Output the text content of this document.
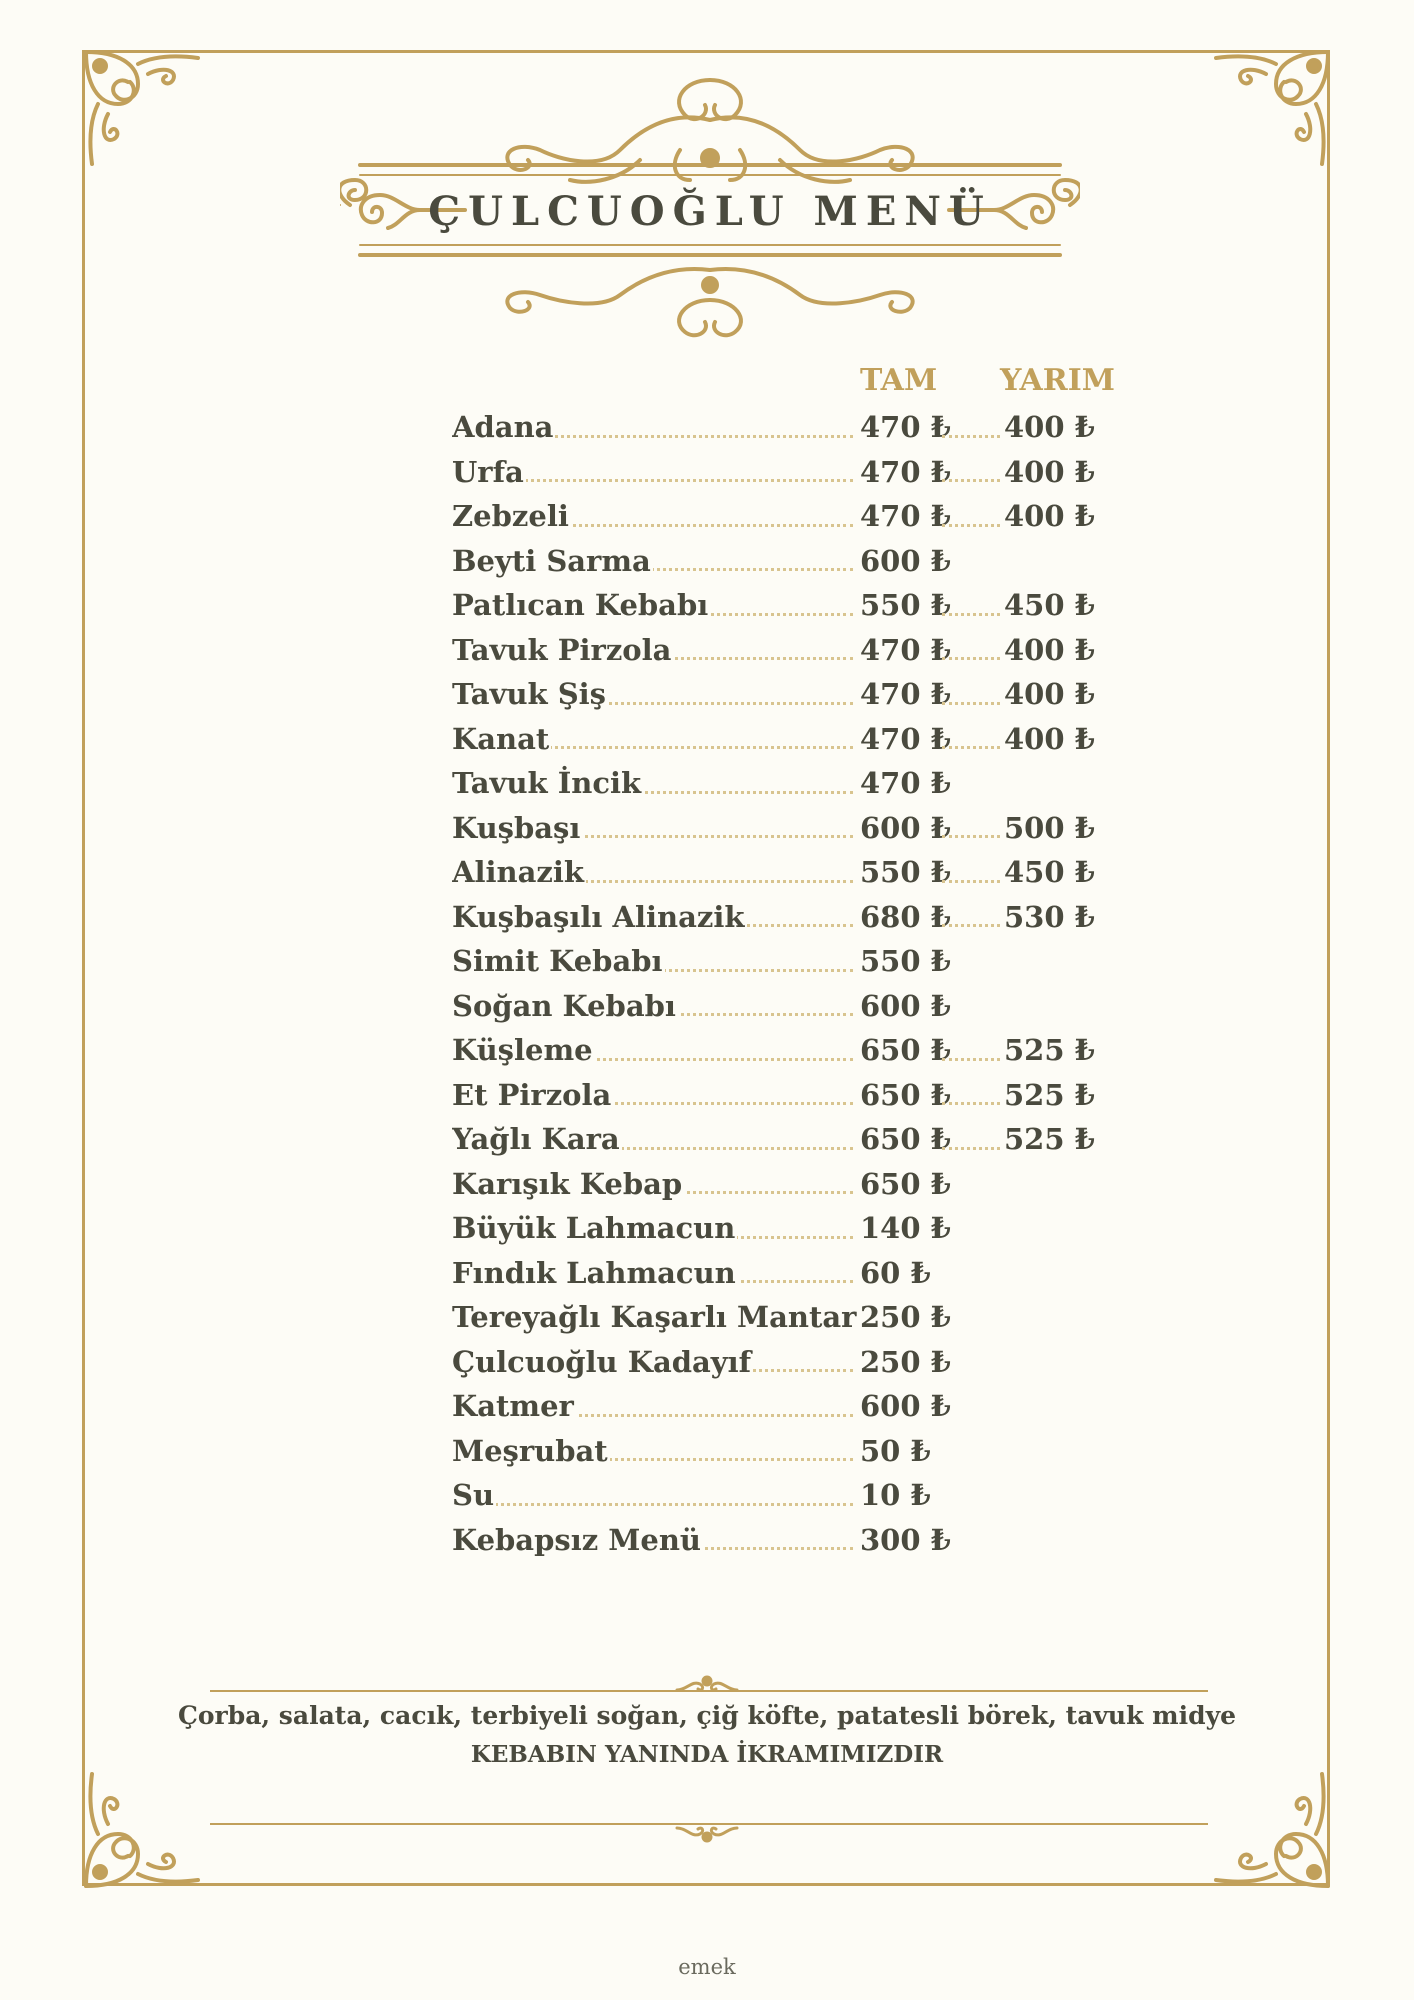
ÇULCUOĞLU MENÜ
TAM YARIM
Adana	470 ₺ 400 ₺
Urfa	470 ₺ 400 ₺
Zebzeli	470 ₺ 400 ₺
Beyti Sarma	600 ₺
Patlıcan Kebabı	550 ₺ 450 ₺
Tavuk Pirzola	470 ₺ 400 ₺
Tavuk Şiş	470 ₺ 400 ₺
Kanat	470 ₺ 400 ₺
Tavuk İncik	470 ₺
Kuşbaşı	600 ₺ 500 ₺
Alinazik	550 ₺ 450 ₺
Kuşbaşılı Alinazik	680 ₺ 530 ₺
Simit Kebabı	550 ₺
Soğan Kebabı	600 ₺
Küşleme	650 ₺ 525 ₺
Et Pirzola	650 ₺ 525 ₺
Yağlı Kara	650 ₺ 525 ₺
Karışık Kebap	650 ₺
Büyük Lahmacun	140 ₺
Fındık Lahmacun	60 ₺
Tereyağlı Kaşarlı Mantar 250 ₺
Çulcuoğlu Kadayıf	250 ₺
Katmer	600 ₺
Meşrubat	50 ₺
Su	10 ₺
Kebapsız Menü	300 ₺
Çorba, salata, cacık, terbiyeli soğan, çiğ köfte, patatesli börek, tavuk midye
KEBABIN YANINDA İKRAMIMIZDIR
emek
